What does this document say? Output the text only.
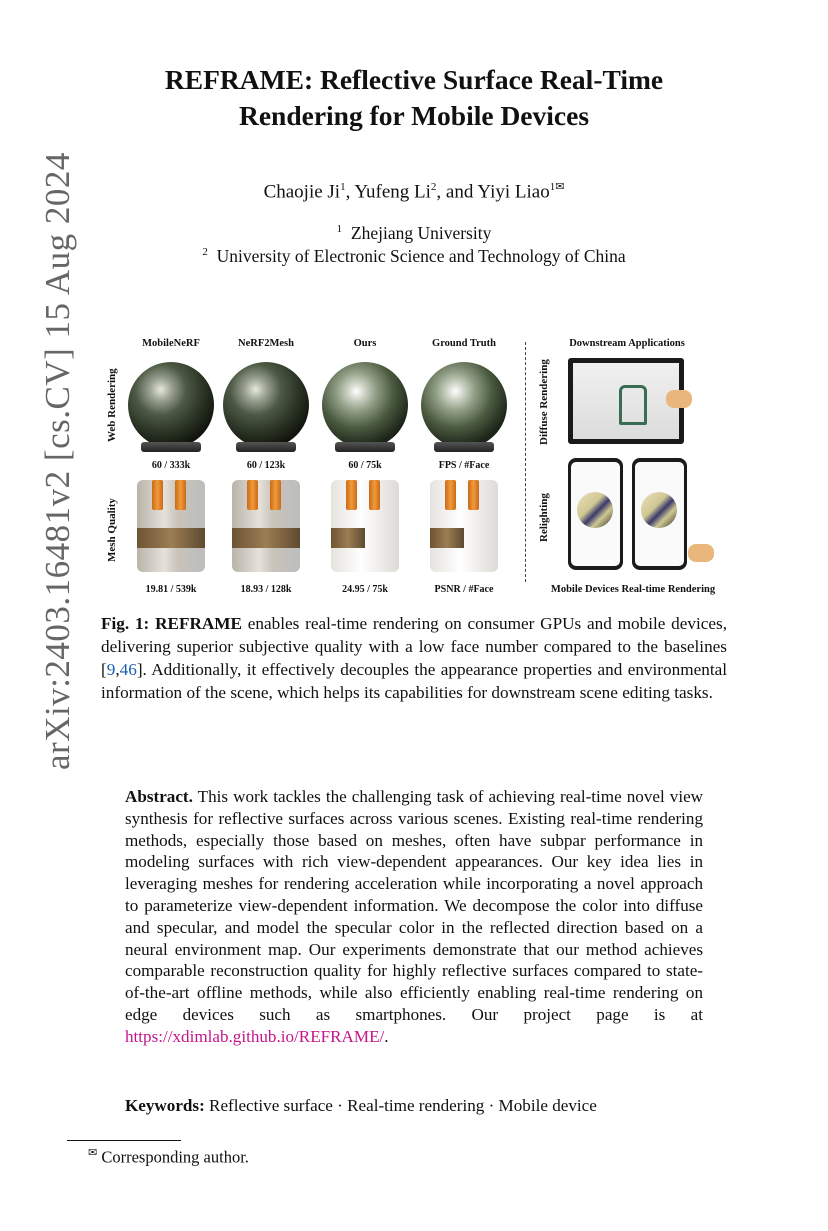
arXiv:2403.16481v2 [cs.CV] 15 Aug 2024
REFRAME: Reflective Surface Real-Time
Rendering for Mobile Devices
Chaojie Ji$^1$, Yufeng Li$^2$, and Yiyi Liao$^{1✉}$
$^1$ Zhejiang University
$^2$ University of Electronic Science and Technology of China
MobileNeRF	NeRF2Mesh	Ours	Ground Truth
Web Rendering
Mesh Quality
60 / 333k	60 / 123k	60 / 75k	FPS / #Face
19.81 / 539k	18.93 / 128k	24.95 / 75k	PSNR / #Face
Downstream Applications
Diffuse Rendering
Relighting
Mobile Devices Real-time Rendering
Fig. 1: REFRAME enables real-time rendering on consumer GPUs and mobile devices, delivering superior subjective quality with a low face number compared to the baselines [9,46]. Additionally, it effectively decouples the appearance properties and environmental information of the scene, which helps its capabilities for downstream scene editing tasks.
Abstract. This work tackles the challenging task of achieving real-time novel view synthesis for reflective surfaces across various scenes. Existing real-time rendering methods, especially those based on meshes, often have subpar performance in modeling surfaces with rich view-dependent appearances. Our key idea lies in leveraging meshes for rendering acceleration while incorporating a novel approach to parameterize view-dependent information. We decompose the color into diffuse and specular, and model the specular color in the reflected direction based on a neural environment map. Our experiments demonstrate that our method achieves comparable reconstruction quality for highly reflective surfaces compared to state-of-the-art offline methods, while also efficiently enabling real-time rendering on edge devices such as smartphones. Our project page is at https://xdimlab.github.io/REFRAME/.
Keywords: Reflective surface · Real-time rendering · Mobile device
✉ Corresponding author.
